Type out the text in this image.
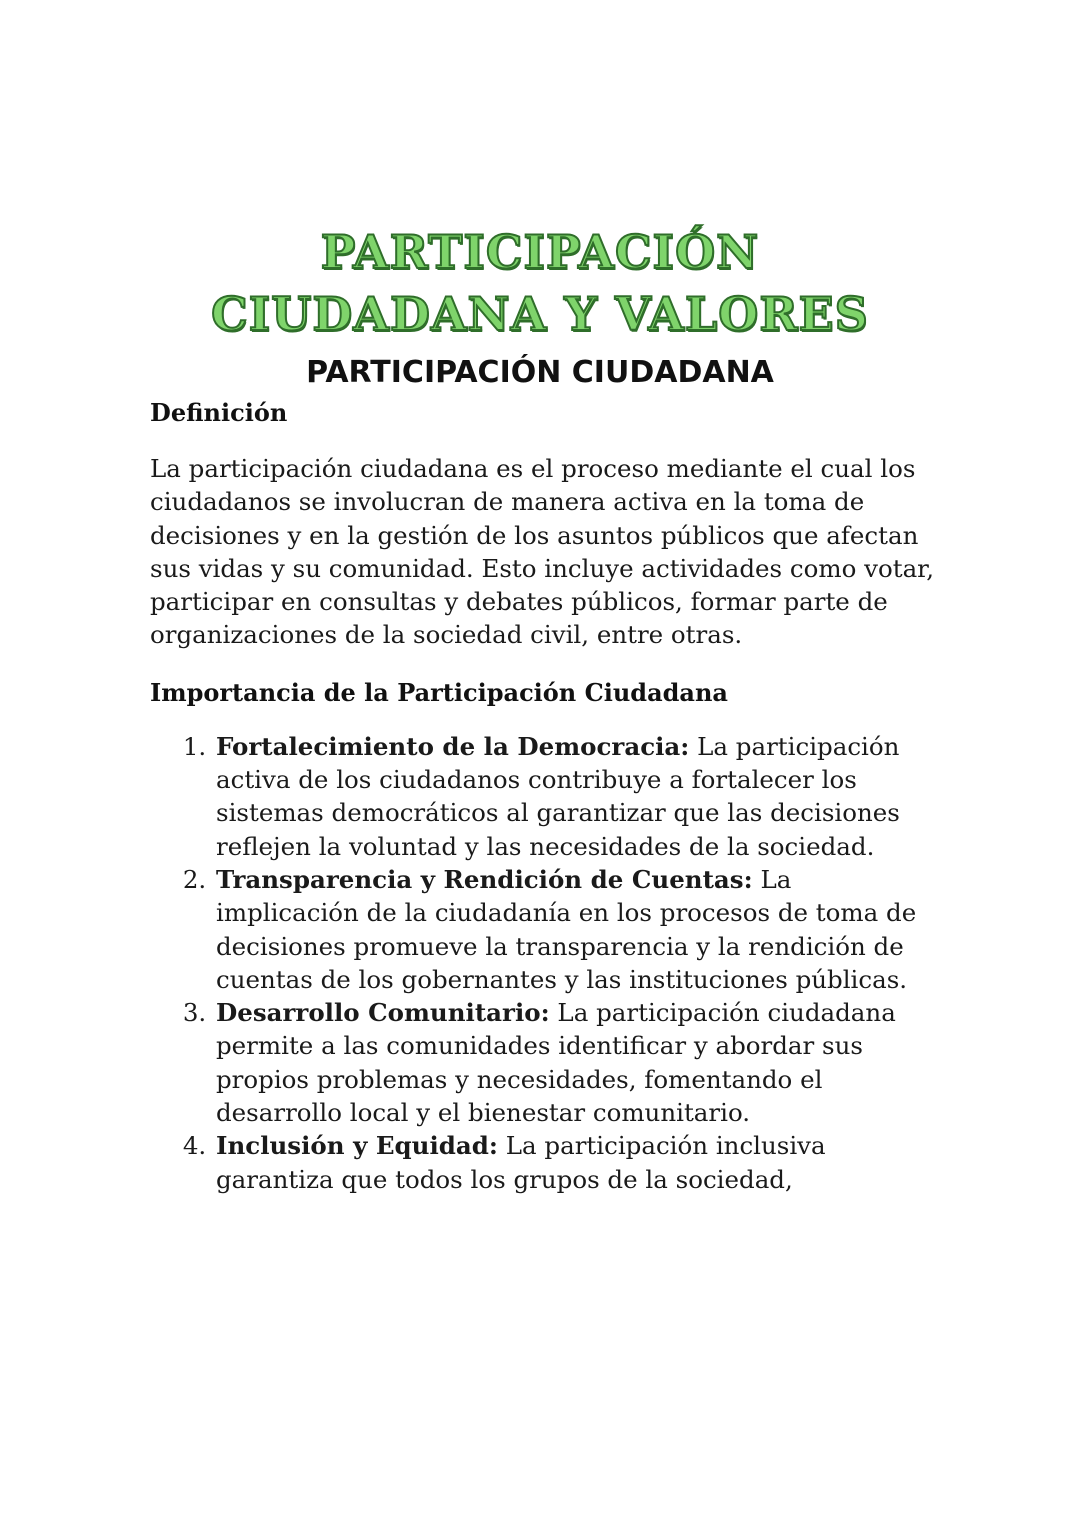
PARTICIPACIÓN
CIUDADANA Y VALORES
PARTICIPACIÓN CIUDADANA
Definición

La participación ciudadana es el proceso mediante el cual los ciudadanos se involucran de manera activa en la toma de decisiones y en la gestión de los asuntos públicos que afectan sus vidas y su comunidad. Esto incluye actividades como votar, participar en consultas y debates públicos, formar parte de organizaciones de la sociedad civil, entre otras.

Importancia de la Participación Ciudadana
1. Fortalecimiento de la Democracia: La participación activa de los ciudadanos contribuye a fortalecer los sistemas democráticos al garantizar que las decisiones reflejen la voluntad y las necesidades de la sociedad.
2. Transparencia y Rendición de Cuentas: La implicación de la ciudadanía en los procesos de toma de decisiones promueve la transparencia y la rendición de cuentas de los gobernantes y las instituciones públicas.
3. Desarrollo Comunitario: La participación ciudadana permite a las comunidades identificar y abordar sus propios problemas y necesidades, fomentando el desarrollo local y el bienestar comunitario.
4. Inclusión y Equidad: La participación inclusiva garantiza que todos los grupos de la sociedad,
